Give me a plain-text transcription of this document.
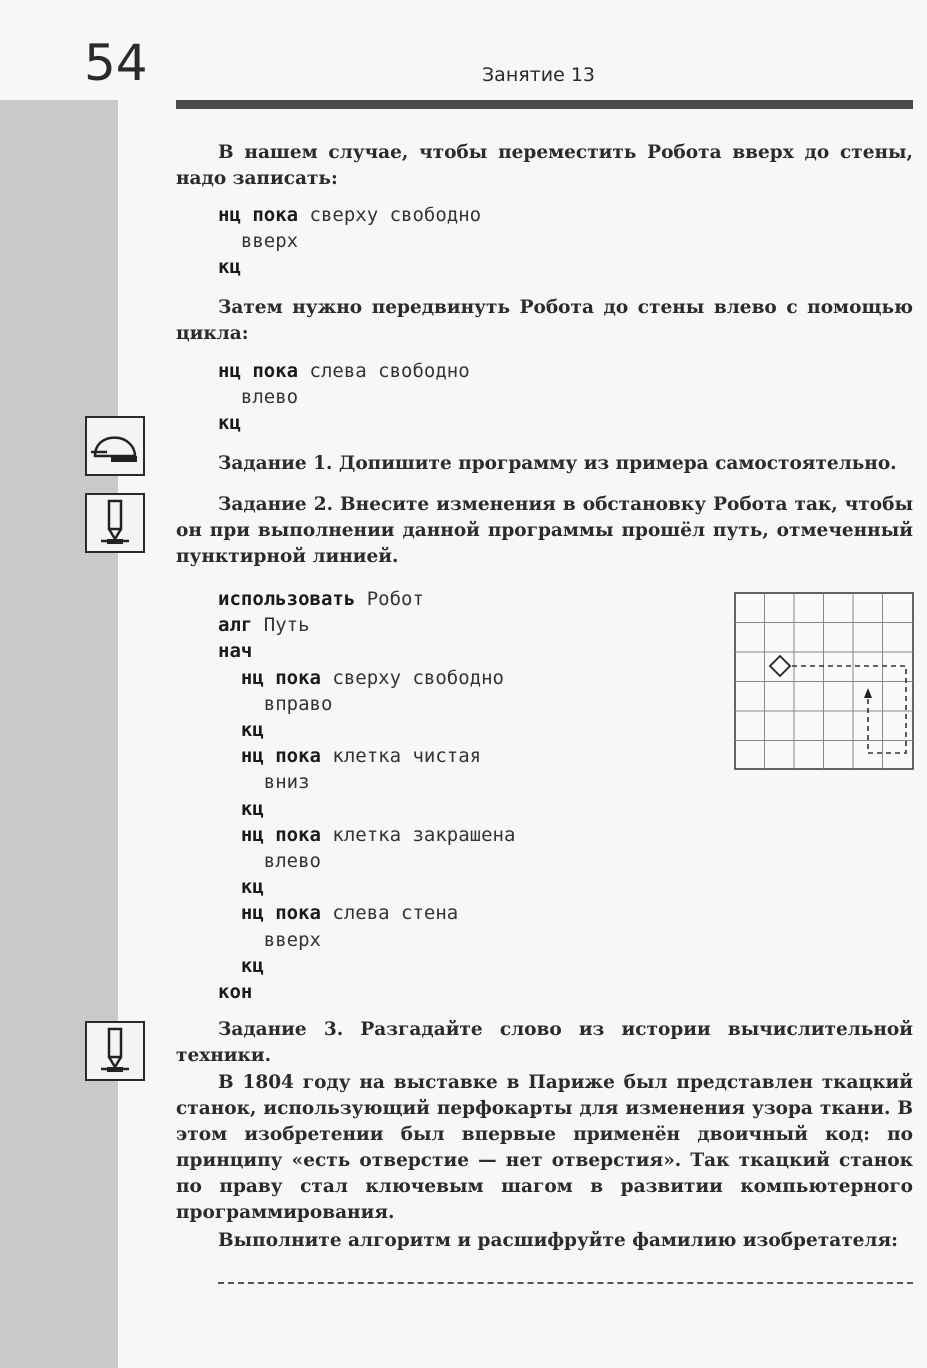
54	Занятие 13
В нашем случае, чтобы переместить Робота вверх до стены, надо записать:
нц пока сверху свободно
вверх
кц
Затем нужно передвинуть Робота до стены влево с помощью цикла:
нц пока слева свободно
влево
кц
Задание 1. Допишите программу из примера самостоятельно.
Задание 2. Внесите изменения в обстановку Робота так, чтобы он при выполнении данной программы прошёл путь, отмеченный пунктирной линией.
использовать Робот
алг Путь
нач
нц пока сверху свободно
вправо
кц
нц пока клетка чистая
вниз
кц
нц пока клетка закрашена
влево
кц
нц пока слева стена
вверх
кц
кон
Задание 3. Разгадайте слово из истории вычислительной техники.
В 1804 году на выставке в Париже был представлен ткацкий станок, использующий перфокарты для изменения узора ткани. В этом изобретении был впервые применён двоичный код: по принципу «есть отверстие — нет отверстия». Так ткацкий станок по праву стал ключевым шагом в развитии компьютерного программирования.
Выполните алгоритм и расшифруйте фамилию изобретателя:
